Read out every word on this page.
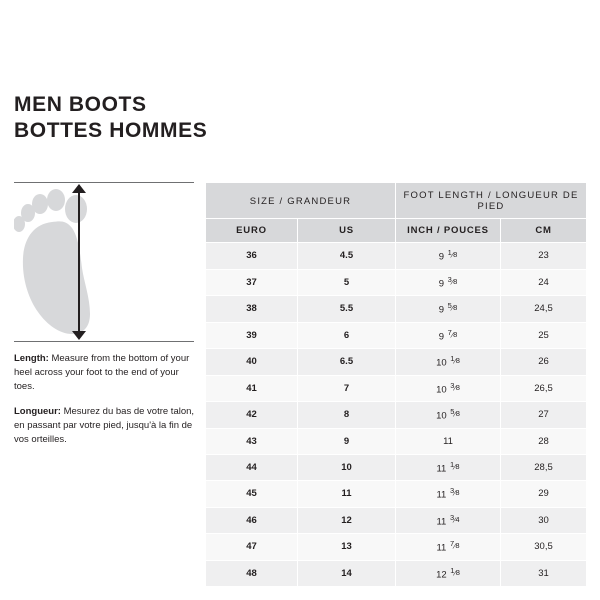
MEN BOOTS
BOTTES HOMMES

Length: Measure from the bottom of your heel across your foot to the end of your toes.

Longueur: Mesurez du bas de votre talon, en passant par votre pied, jusqu'à la fin de vos orteilles.

SIZE / GRANDEUR		FOOT LENGTH / LONGUEUR DE PIED	
EURO	US	INCH / POUCES	CM
36	4.5	9 $^1⁄_8$	23
37	5	9 $^3⁄_8$	24
38	5.5	9 $^5⁄_8$	24,5
39	6	9 $^7⁄_8$	25
40	6.5	10 $^1⁄_8$	26
41	7	10 $^3⁄_8$	26,5
42	8	10 $^5⁄_8$	27
43	9	11	28
44	10	11 $^1⁄_8$	28,5
45	11	11 $^3⁄_8$	29
46	12	11 $^3⁄_4$	30
47	13	11 $^7⁄_8$	30,5
48	14	12 $^1⁄_8$	31
